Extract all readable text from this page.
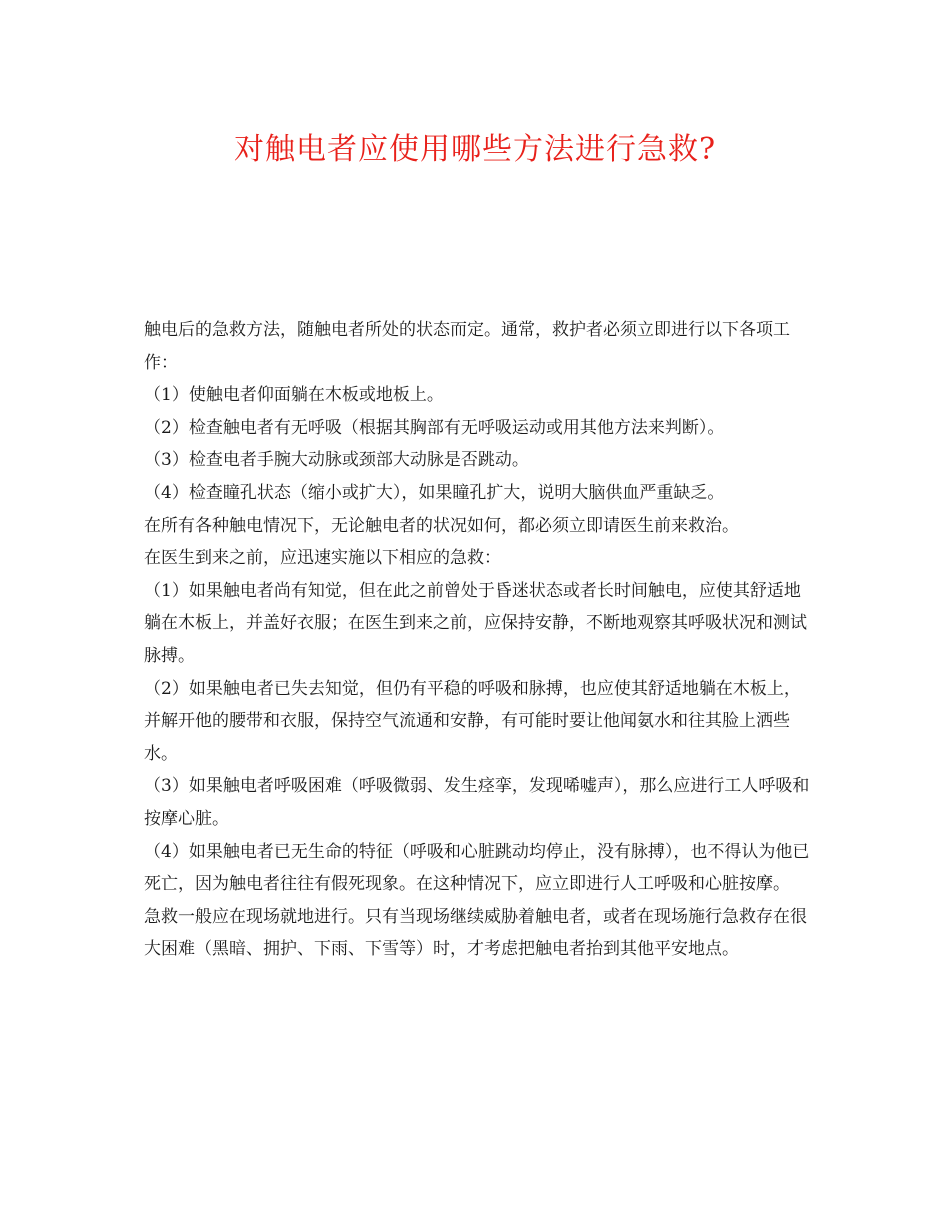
对触电者应使用哪些方法进行急救?

触电后的急救方法，随触电者所处的状态而定。通常，救护者必须立即进行以下各项工作：

（1）使触电者仰面躺在木板或地板上。

（2）检查触电者有无呼吸（根据其胸部有无呼吸运动或用其他方法来判断）。

（3）检查电者手腕大动脉或颈部大动脉是否跳动。

（4）检查瞳孔状态（缩小或扩大），如果瞳孔扩大，说明大脑供血严重缺乏。

在所有各种触电情况下，无论触电者的状况如何，都必须立即请医生前来救治。

在医生到来之前，应迅速实施以下相应的急救：

（1）如果触电者尚有知觉，但在此之前曾处于昏迷状态或者长时间触电，应使其舒适地躺在木板上，并盖好衣服；在医生到来之前，应保持安静，不断地观察其呼吸状况和测试脉搏。

（2）如果触电者已失去知觉，但仍有平稳的呼吸和脉搏，也应使其舒适地躺在木板上，并解开他的腰带和衣服，保持空气流通和安静，有可能时要让他闻氨水和往其脸上洒些水。

（3）如果触电者呼吸困难（呼吸微弱、发生痉挛，发现唏嘘声），那么应进行工人呼吸和按摩心脏。

（4）如果触电者已无生命的特征（呼吸和心脏跳动均停止，没有脉搏），也不得认为他已死亡，因为触电者往往有假死现象。在这种情况下，应立即进行人工呼吸和心脏按摩。

急救一般应在现场就地进行。只有当现场继续威胁着触电者，或者在现场施行急救存在很大困难（黑暗、拥护、下雨、下雪等）时，才考虑把触电者抬到其他平安地点。
